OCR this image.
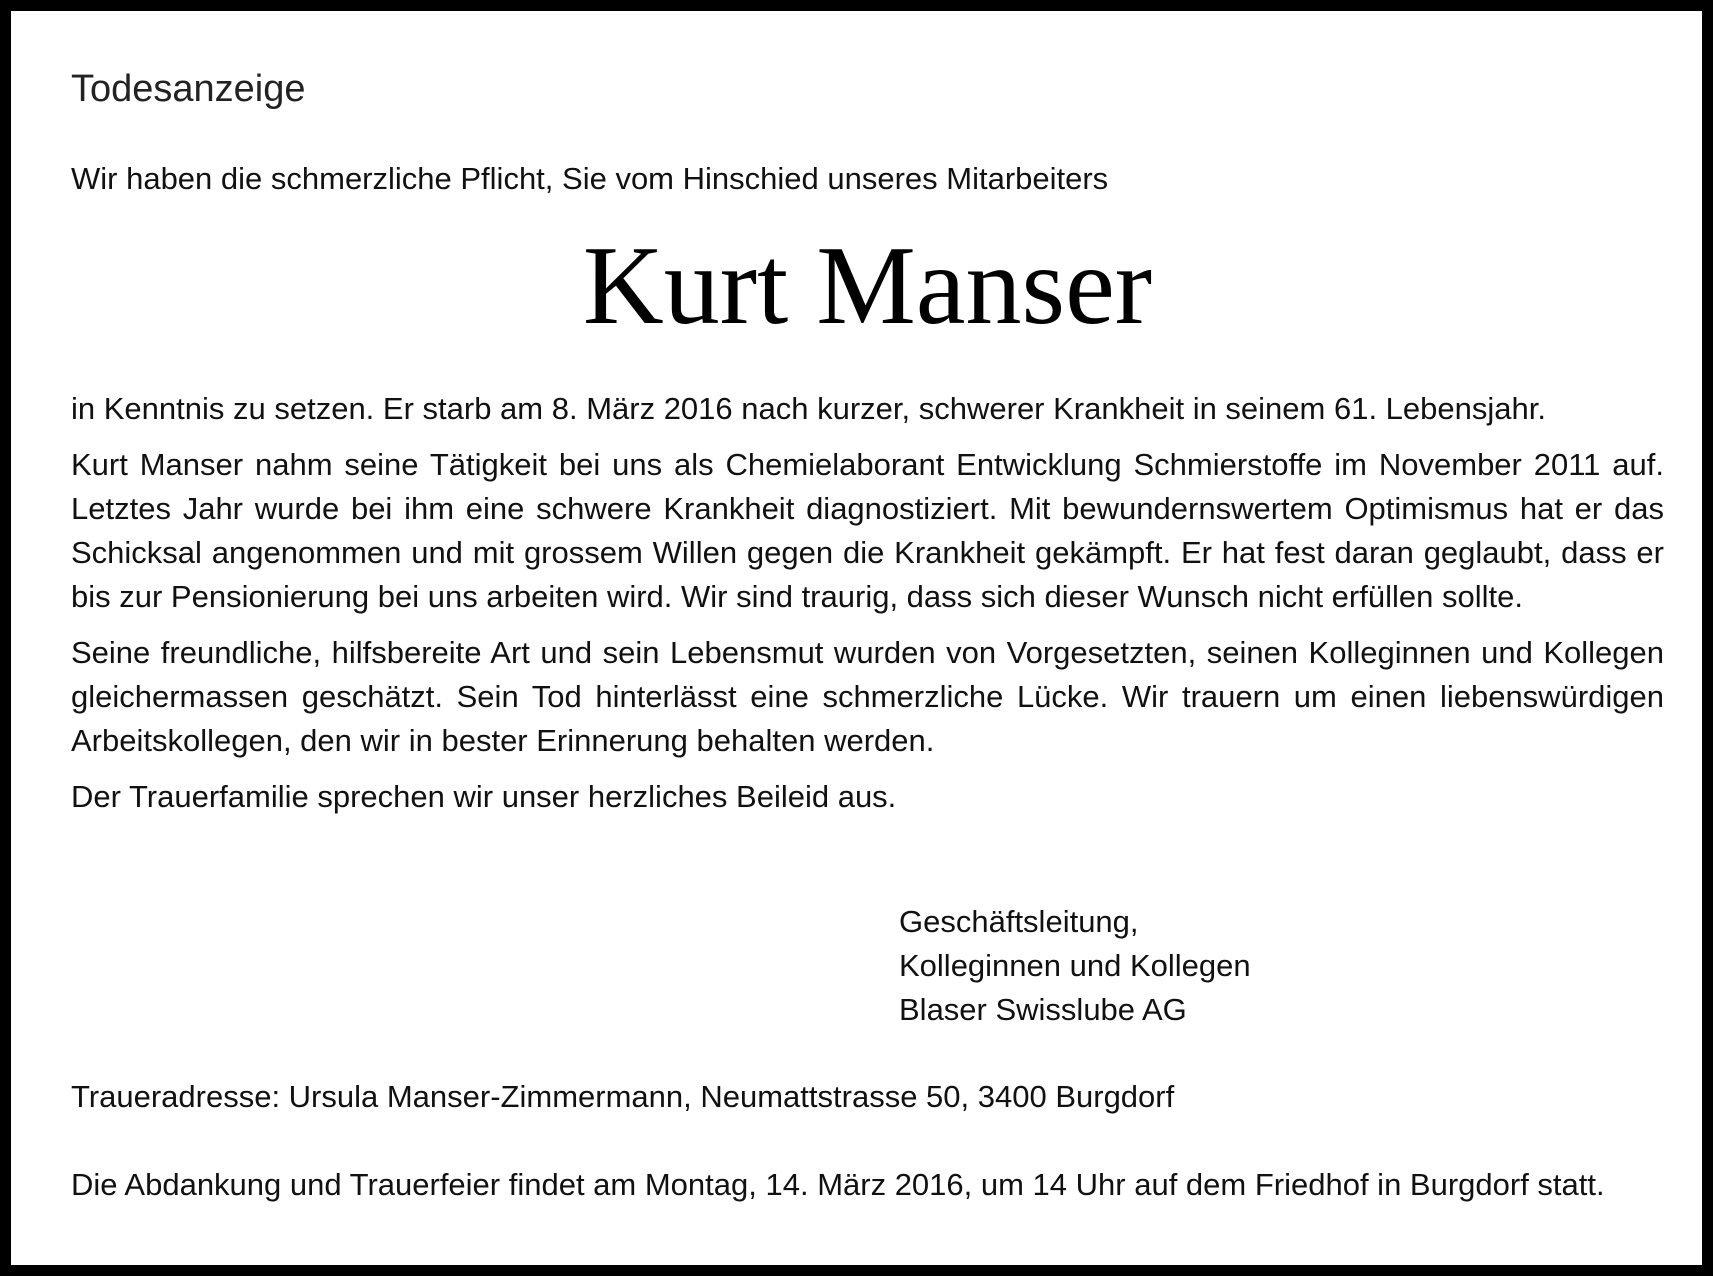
Todesanzeige
Wir haben die schmerzliche Pflicht, Sie vom Hinschied unseres Mitarbeiters
Kurt Manser

in Kenntnis zu setzen. Er starb am 8. März 2016 nach kurzer, schwerer Krankheit in seinem 61. Lebensjahr.

Kurt Manser nahm seine Tätigkeit bei uns als Chemielaborant Entwicklung Schmierstoffe im November 2011 auf. Letztes Jahr wurde bei ihm eine schwere Krankheit diagnostiziert. Mit bewundernswertem Optimismus hat er das Schicksal angenommen und mit grossem Willen gegen die Krankheit gekämpft. Er hat fest daran geglaubt, dass er bis zur Pensionierung bei uns arbeiten wird. Wir sind traurig, dass sich dieser Wunsch nicht erfüllen sollte.

Seine freundliche, hilfsbereite Art und sein Lebensmut wurden von Vorgesetzten, seinen Kolleginnen und Kollegen gleichermassen geschätzt. Sein Tod hinterlässt eine schmerzliche Lücke. Wir trauern um einen liebenswürdigen Arbeitskollegen, den wir in bester Erinnerung behalten werden.

Der Trauerfamilie sprechen wir unser herzliches Beileid aus.

Geschäftsleitung,
Kolleginnen und Kollegen
Blaser Swisslube AG
Traueradresse: Ursula Manser-Zimmermann, Neumattstrasse 50, 3400 Burgdorf
Die Abdankung und Trauerfeier findet am Montag, 14. März 2016, um 14 Uhr auf dem Friedhof in Burgdorf statt.
